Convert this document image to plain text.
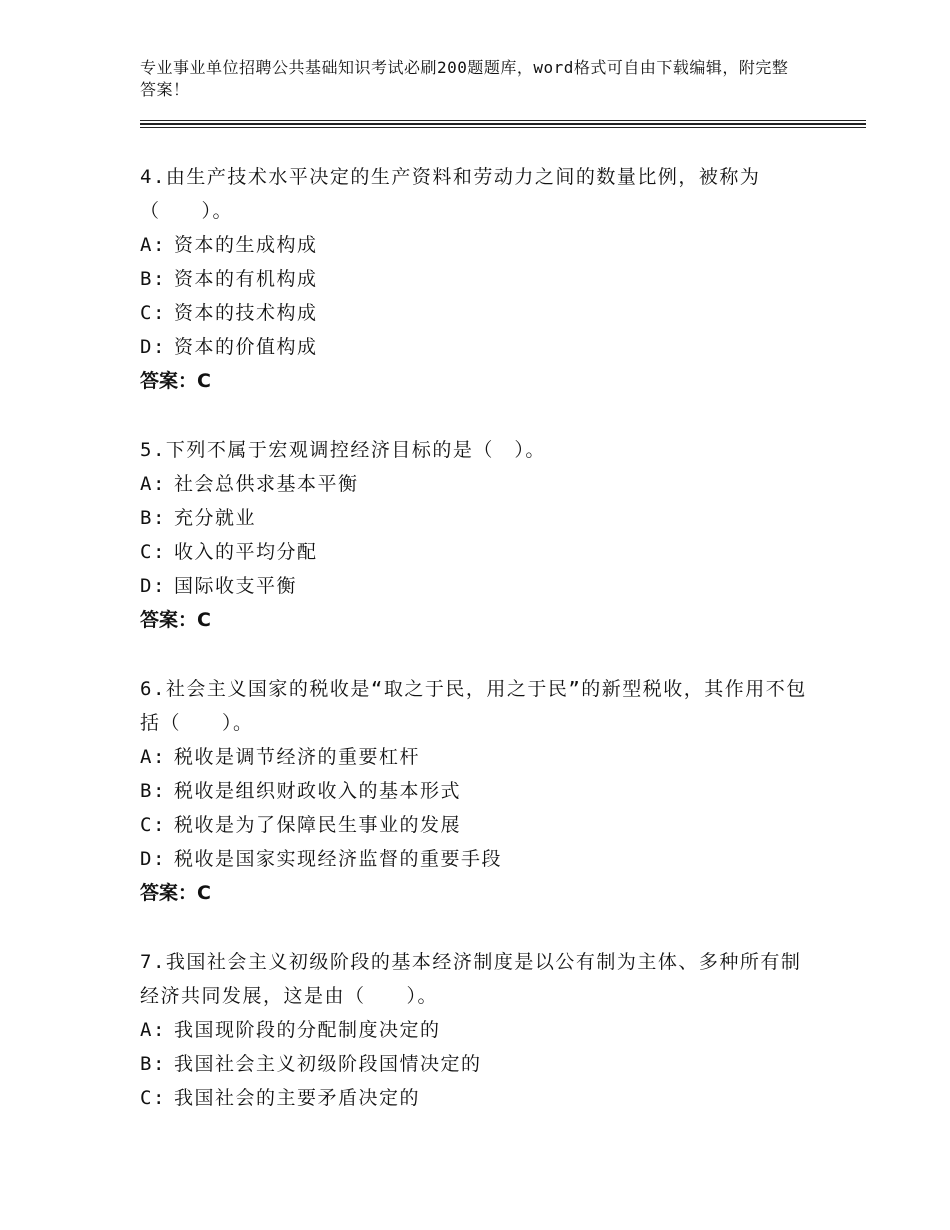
专业事业单位招聘公共基础知识考试必刷200题题库，word格式可自由下载编辑，附完整答案！

4.由生产技术水平决定的生产资料和劳动力之间的数量比例，被称为（　　）。

A: 资本的生成构成

B: 资本的有机构成

C: 资本的技术构成

D: 资本的价值构成

答案：C

5.下列不属于宏观调控经济目标的是（　）。

A: 社会总供求基本平衡

B: 充分就业

C: 收入的平均分配

D: 国际收支平衡

答案：C

6.社会主义国家的税收是“取之于民，用之于民”的新型税收，其作用不包括（　　）。

A: 税收是调节经济的重要杠杆

B: 税收是组织财政收入的基本形式

C: 税收是为了保障民生事业的发展

D: 税收是国家实现经济监督的重要手段

答案：C

7.我国社会主义初级阶段的基本经济制度是以公有制为主体、多种所有制经济共同发展，这是由（　　）。

A: 我国现阶段的分配制度决定的

B: 我国社会主义初级阶段国情决定的

C: 我国社会的主要矛盾决定的
